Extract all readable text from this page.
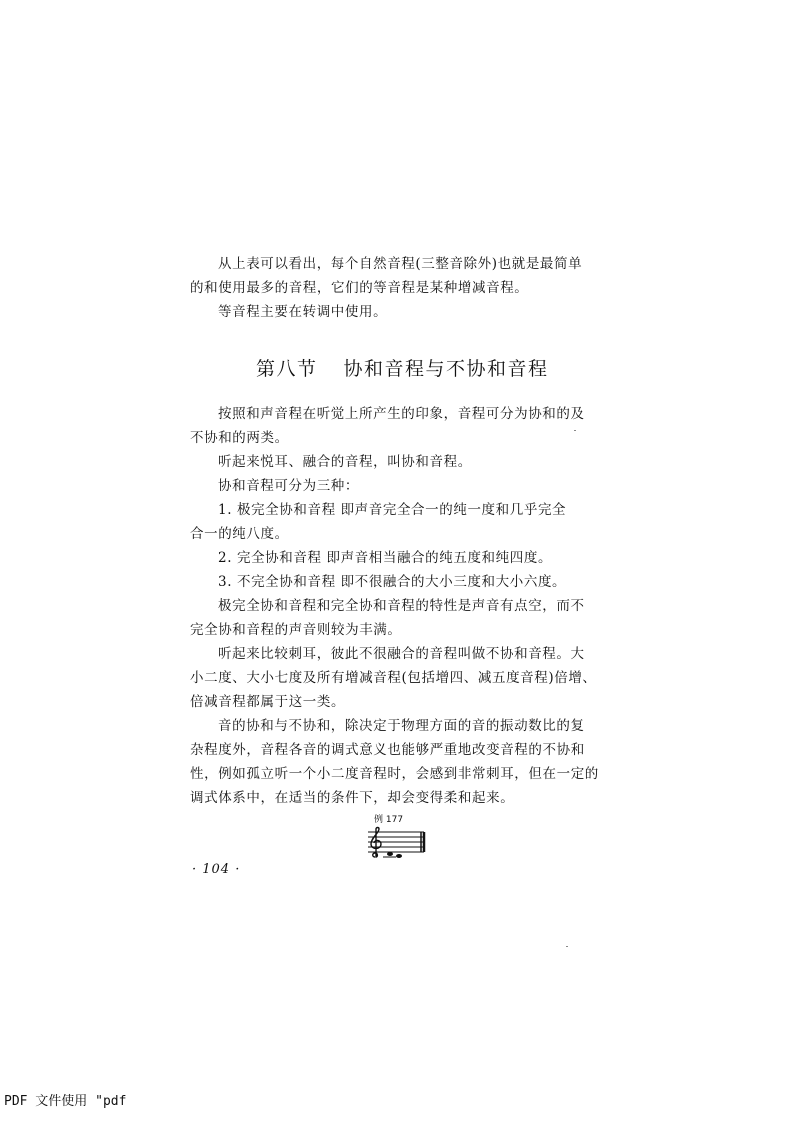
从上表可以看出，每个自然音程(三整音除外)也就是最简单
的和使用最多的音程，它们的等音程是某种增减音程。
等音程主要在转调中使用。
第八节 协和音程与不协和音程
按照和声音程在听觉上所产生的印象，音程可分为协和的及
不协和的两类。
听起来悦耳、融合的音程，叫协和音程。
协和音程可分为三种：
1. 极完全协和音程 即声音完全合一的纯一度和几乎完全
合一的纯八度。
2. 完全协和音程 即声音相当融合的纯五度和纯四度。
3. 不完全协和音程 即不很融合的大小三度和大小六度。
极完全协和音程和完全协和音程的特性是声音有点空，而不
完全协和音程的声音则较为丰满。
听起来比较刺耳，彼此不很融合的音程叫做不协和音程。大
小二度、大小七度及所有增减音程(包括增四、减五度音程)倍增、
倍减音程都属于这一类。
音的协和与不协和，除决定于物理方面的音的振动数比的复
杂程度外，音程各音的调式意义也能够严重地改变音程的不协和
性，例如孤立听一个小二度音程时，会感到非常刺耳，但在一定的
调式体系中，在适当的条件下，却会变得柔和起来。
例 177
· 104 ·
PDF 文件使用 "pdf
